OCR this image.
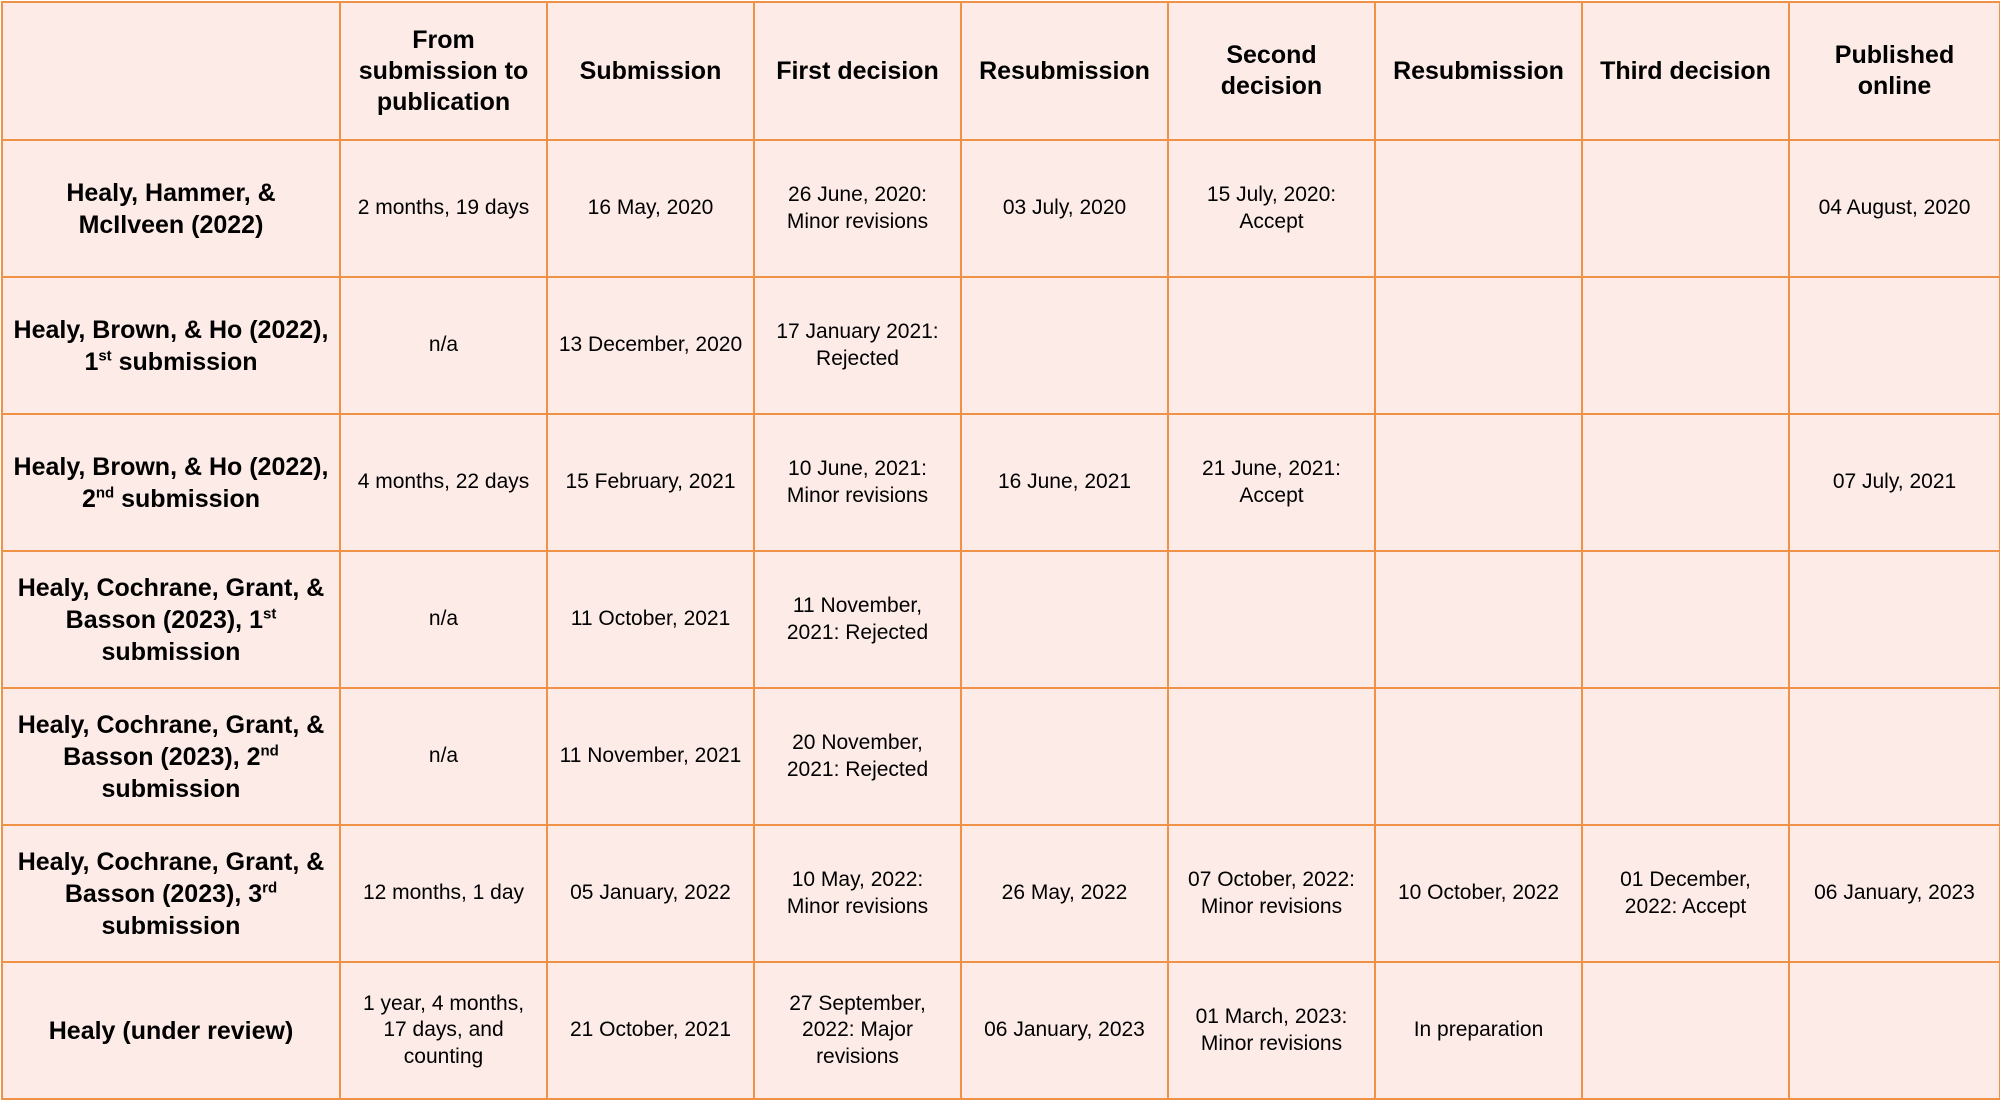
	From submission to publication	Submission	First decision	Resubmission	Second decision	Resubmission	Third decision	Published online
Healy, Hammer, & McIlveen (2022)	2 months, 19 days	16 May, 2020	26 June, 2020: Minor revisions	03 July, 2020	15 July, 2020: Accept			04 August, 2020
Healy, Brown, & Ho (2022), 1st submission	n/a	13 December, 2020	17 January 2021: Rejected					
Healy, Brown, & Ho (2022), 2nd submission	4 months, 22 days	15 February, 2021	10 June, 2021: Minor revisions	16 June, 2021	21 June, 2021: Accept			07 July, 2021
Healy, Cochrane, Grant, & Basson (2023), 1st submission	n/a	11 October, 2021	11 November, 2021: Rejected					
Healy, Cochrane, Grant, & Basson (2023), 2nd submission	n/a	11 November, 2021	20 November, 2021: Rejected					
Healy, Cochrane, Grant, & Basson (2023), 3rd submission	12 months, 1 day	05 January, 2022	10 May, 2022: Minor revisions	26 May, 2022	07 October, 2022: Minor revisions	10 October, 2022	01 December, 2022: Accept	06 January, 2023
Healy (under review)	1 year, 4 months, 17 days, and counting	21 October, 2021	27 September, 2022: Major revisions	06 January, 2023	01 March, 2023: Minor revisions	In preparation		
